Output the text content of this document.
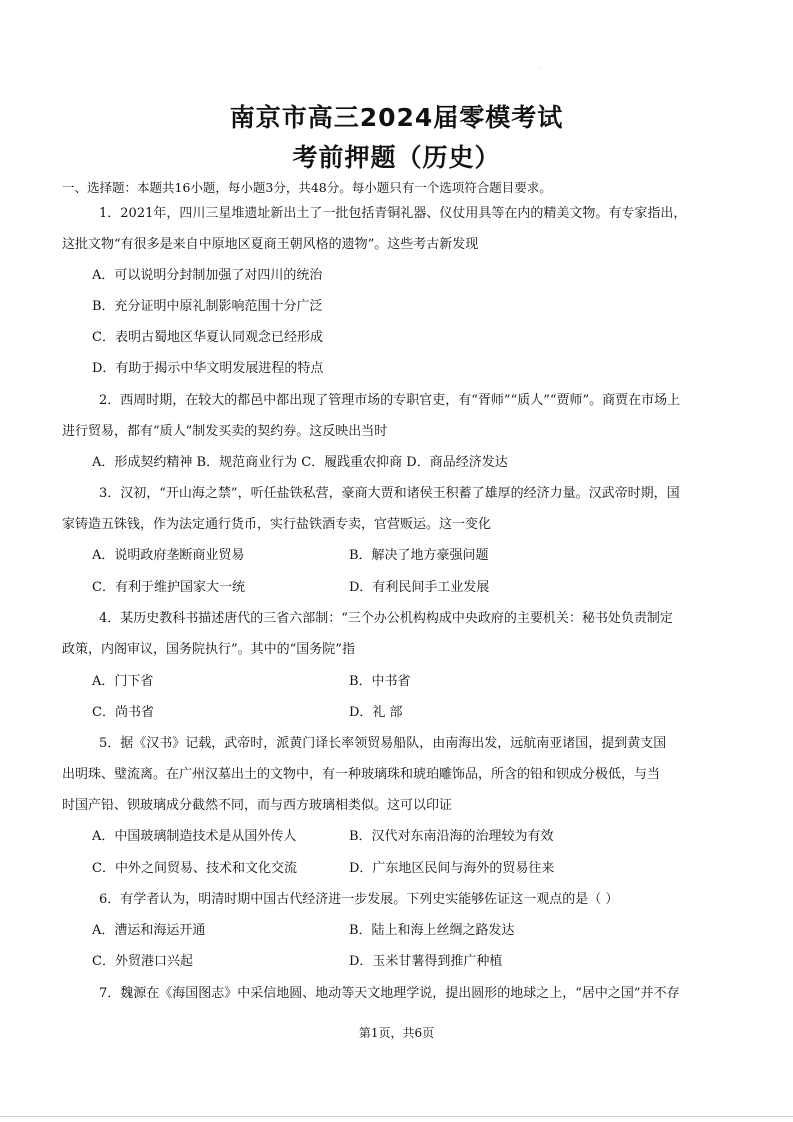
.
南京市高三2024届零模考试
考前押题（历史）
一、选择题：本题共16小题，每小题3分，共48分。每小题只有一个选项符合题目要求。
1．2021年，四川三星堆遗址新出土了一批包括青铜礼器、仪仗用具等在内的精美文物。有专家指出，
这批文物“有很多是来自中原地区夏商王朝风格的遗物”。这些考古新发现
A．可以说明分封制加强了对四川的统治
B．充分证明中原礼制影响范围十分广泛
C．表明古蜀地区华夏认同观念已经形成
D．有助于揭示中华文明发展进程的特点
2．西周时期，在较大的都邑中都出现了管理市场的专职官吏，有“胥师”“质人”“贾师”。商贾在市场上
进行贸易，都有“质人”制发买卖的契约券。这反映出当时
A．形成契约精神 B．规范商业行为 C．履践重农抑商 D．商品经济发达
3．汉初，“开山海之禁”，听任盐铁私营，豪商大贾和诸侯王积蓄了雄厚的经济力量。汉武帝时期，国
家铸造五铢钱，作为法定通行货币，实行盐铁酒专卖，官营贩运。这一变化
A．说明政府垄断商业贸易	B．解决了地方豪强问题
C．有利于维护国家大一统	D．有利民间手工业发展
4．某历史教科书描述唐代的三省六部制：“三个办公机构构成中央政府的主要机关：秘书处负责制定
政策，内阁审议，国务院执行”。其中的“国务院”指
A．门下省	B．中书省
C．尚书省	D．礼 部
5．据《汉书》记载，武帝时，派黄门译长率领贸易船队，由南海出发，远航南亚诸国，提到黄支国
出明珠、璧流离。在广州汉墓出土的文物中，有一种玻璃珠和琥珀雕饰品，所含的铅和钡成分极低，与当
时国产铅、钡玻璃成分截然不同，而与西方玻璃相类似。这可以印证
A．中国玻璃制造技术是从国外传人	B．汉代对东南沿海的治理较为有效
C．中外之间贸易、技术和文化交流	D．广东地区民间与海外的贸易往来
6．有学者认为，明清时期中国古代经济进一步发展。下列史实能够佐证这一观点的是（ ）
A．漕运和海运开通	B．陆上和海上丝绸之路发达
C．外贸港口兴起	D．玉米甘薯得到推广种植
7．魏源在《海国图志》中采信地圆、地动等天文地理学说，提出圆形的地球之上，“居中之国”并不存
第1页，共6页
